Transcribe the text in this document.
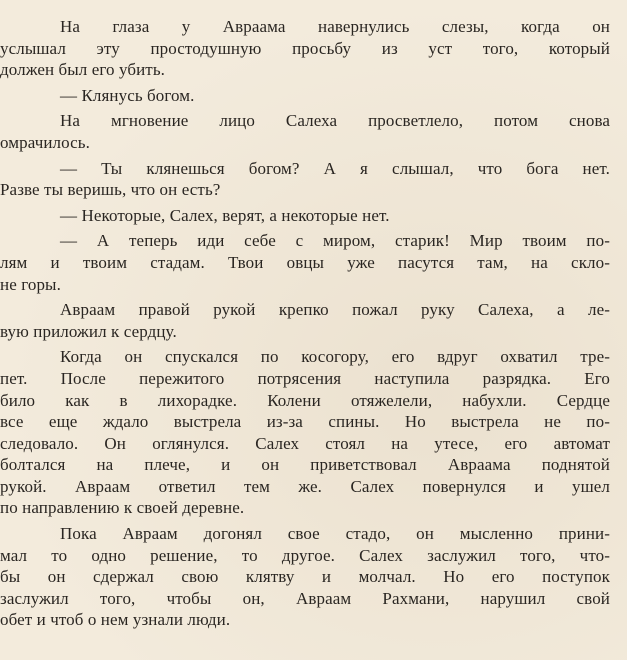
На глаза у Авраама навернулись слезы, когда он
услышал эту простодушную просьбу из уст того, который
должен был его убить.
— Клянусь богом.
На мгновение лицо Салеха просветлело, потом снова
омрачилось.
— Ты клянешься богом? А я слышал, что бога нет.
Разве ты веришь, что он есть?
— Некоторые, Салех, верят, а некоторые нет.
— А теперь иди себе с миром, старик! Мир твоим по-
лям и твоим стадам. Твои овцы уже пасутся там, на скло-
не горы.
Авраам правой рукой крепко пожал руку Салеха, а ле-
вую приложил к сердцу.
Когда он спускался по косогору, его вдруг охватил тре-
пет. После пережитого потрясения наступила разрядка. Его
било как в лихорадке. Колени отяжелели, набухли. Сердце
все еще ждало выстрела из-за спины. Но выстрела не по-
следовало. Он оглянулся. Салех стоял на утесе, его автомат
болтался на плече, и он приветствовал Авраама поднятой
рукой. Авраам ответил тем же. Салех повернулся и ушел
по направлению к своей деревне.
Пока Авраам догонял свое стадо, он мысленно прини-
мал то одно решение, то другое. Салех заслужил того, что-
бы он сдержал свою клятву и молчал. Но его поступок
заслужил того, чтобы он, Авраам Рахмани, нарушил свой
обет и чтоб о нем узнали люди.
